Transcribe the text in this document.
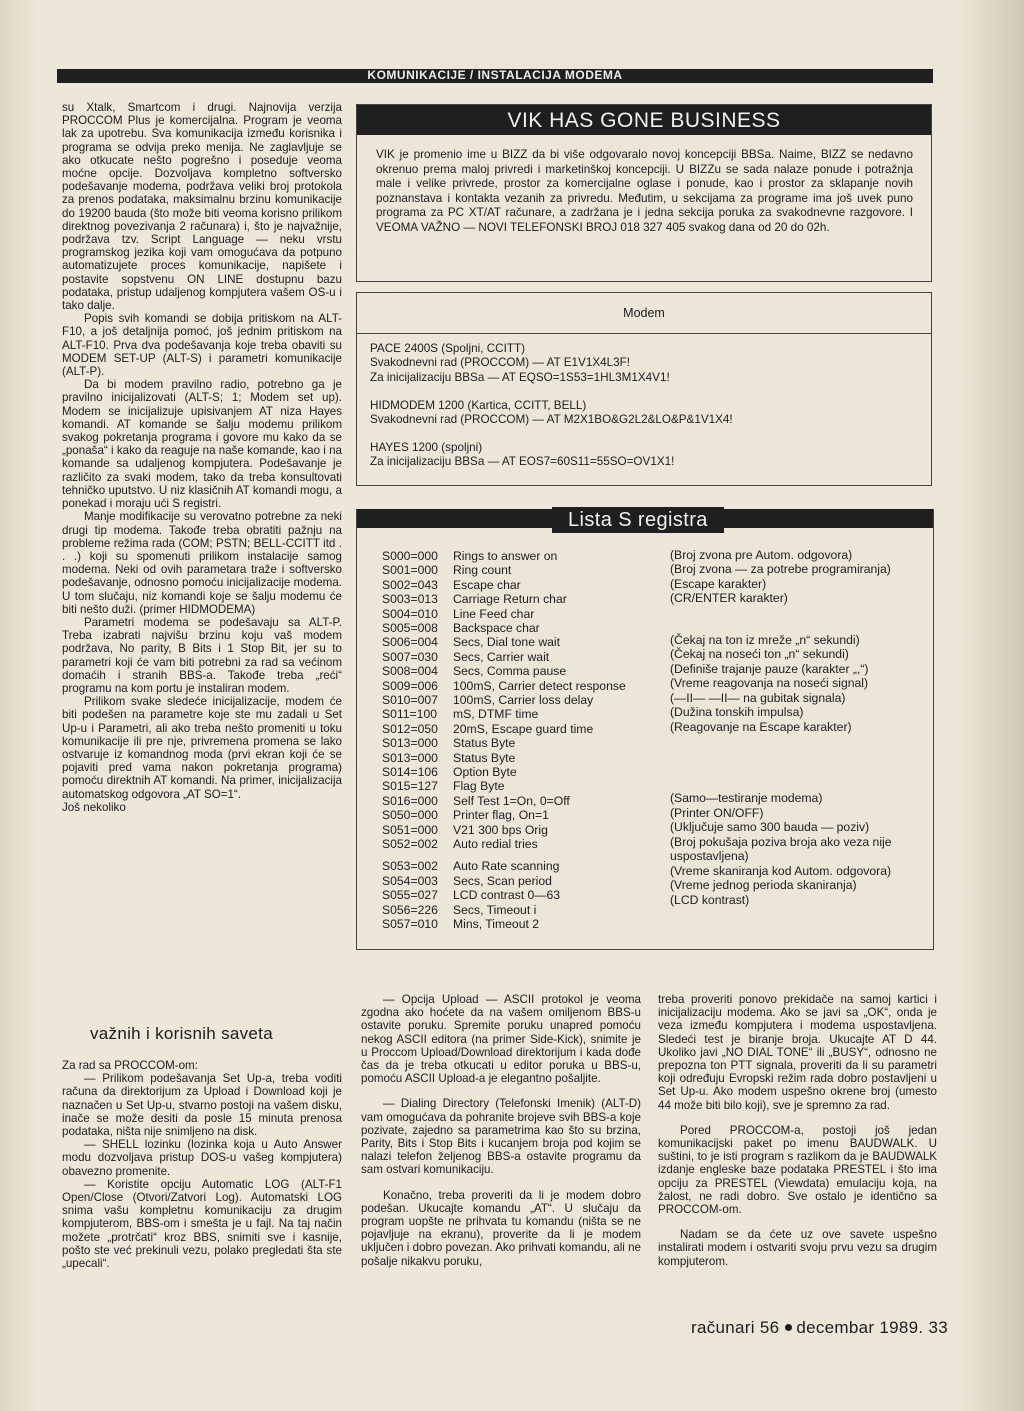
KOMUNIKACIJE / INSTALACIJA MODEMA

su Xtalk, Smartcom i drugi. Najnovija verzija PROCCOM Plus je komercijalna. Program je veoma lak za upotrebu. Sva komunikacija između korisnika i programa se odvija preko menija. Ne zaglavljuje se ako otkucate nešto pogrešno i poseduje veoma moćne opcije. Dozvoljava kompletno softversko podešavanje modema, podržava veliki broj protokola za prenos podataka, maksimalnu brzinu komunikacije do 19200 bauda (što može biti veoma korisno prilikom direktnog povezivanja 2 računara) i, što je najvažnije, podržava tzv. Script Language — neku vrstu programskog jezika koji vam omogućava da potpuno automatizujete proces komunikacije, napišete i postavite sopstvenu ON LINE dostupnu bazu podataka, pristup udaljenog kompjutera vašem OS-u i tako dalje.

Popis svih komandi se dobija pritiskom na ALT-F10, a još detaljnija pomoć, još jednim pritiskom na ALT-F10. Prva dva podešavanja koje treba obaviti su MODEM SET-UP (ALT-S) i parametri komunikacije (ALT-P).

Da bi modem pravilno radio, potrebno ga je pravilno inicijalizovati (ALT-S; 1; Modem set up). Modem se inicijalizuje upisivanjem AT niza Hayes komandi. AT komande se šalju modemu prilikom svakog pokretanja programa i govore mu kako da se „ponaša“ i kako da reaguje na naše komande, kao i na komande sa udaljenog kompjutera. Podešavanje je različito za svaki modem, tako da treba konsultovati tehničko uputstvo. U niz klasičnih AT komandi mogu, a ponekad i moraju ući S registri.

Manje modifikacije su verovatno potrebne za neki drugi tip modema. Takođe treba obratiti pažnju na probleme režima rada (COM; PSTN; BELL-CCITT itd . . .) koji su spomenuti prilikom instalacije samog modema. Neki od ovih parametara traže i softversko podešavanje, odnosno pomoću inicijalizacije modema. U tom slučaju, niz komandi koje se šalju modemu će biti nešto duži. (primer HIDMODEMA)

Parametri modema se podešavaju sa ALT-P. Treba izabrati najvišu brzinu koju vaš modem podržava, No parity, B Bits i 1 Stop Bit, jer su to parametri koji će vam biti potrebni za rad sa većinom domaćih i stranih BBS-a. Takođe treba „reći“ programu na kom portu je instaliran modem.

Prilikom svake sledeće inicijalizacije, modem će biti podešen na parametre koje ste mu zadali u Set Up-u i Parametri, ali ako treba nešto promeniti u toku komunikacije ili pre nje, privremena promena se lako ostvaruje iz komandnog moda (prvi ekran koji će se pojaviti pred vama nakon pokretanja programa) pomoću direktnih AT komandi. Na primer, inicijalizacija automatskog odgovora „AT SO=1“.

Još nekoliko

važnih i korisnih saveta

Za rad sa PROCCOM-om:

— Prilikom podešavanja Set Up-a, treba voditi računa da direktorijum za Upload i Download koji je naznačen u Set Up-u, stvarno postoji na vašem disku, inače se može desiti da posle 15 minuta prenosa podataka, ništa nije snimljeno na disk.

— SHELL lozinku (lozinka koja u Auto Answer modu dozvoljava pristup DOS-u vašeg kompjutera) obavezno promenite.

— Koristite opciju Automatic LOG (ALT-F1 Open/Close (Otvori/Zatvori Log). Automatski LOG snima vašu kompletnu komunikaciju za drugim kompjuterom, BBS-om i smešta je u fajl. Na taj način možete „protrčati“ kroz BBS, snimiti sve i kasnije, pošto ste već prekinuli vezu, polako pregledati šta ste „upecali“.

VIK HAS GONE BUSINESS
VIK je promenio ime u BIZZ da bi više odgovaralo novoj koncepciji BBSa. Naime, BIZZ se nedavno okrenuo prema maloj privredi i marketinškoj koncepciji. U BIZZu se sada nalaze ponude i potražnja male i velike privrede, prostor za komercijalne oglase i ponude, kao i prostor za sklapanje novih poznanstava i kontakta vezanih za privredu. Međutim, u sekcijama za programe ima još uvek puno programa za PC XT/AT računare, a zadržana je i jedna sekcija poruka za svakodnevne razgovore. I VEOMA VAŽNO — NOVI TELEFONSKI BROJ 018 327 405 svakog dana od 20 do 02h.
Modem
PACE 2400S (Spoljni, CCITT)
Svakodnevni rad (PROCCOM) — AT E1V1X4L3F!
Za inicijalizaciju BBSa — AT EQSO=1S53=1HL3M1X4V1!
HIDMODEM 1200 (Kartica, CCITT, BELL)
Svakodnevni rad (PROCCOM) — AT M2X1BO&G2L2&LO&P&1V1X4!
HAYES 1200 (spoljni)
Za inicijalizaciju BBSa — AT EOS7=60S11=55SO=OV1X1!
Lista S registra
S000=000 Rings to answer on
S001=000 Ring count
S002=043 Escape char
S003=013 Carriage Return char
S004=010 Line Feed char
S005=008 Backspace char
S006=004 Secs, Dial tone wait
S007=030 Secs, Carrier wait
S008=004 Secs, Comma pause
S009=006 100mS, Carrier detect response
S010=007 100mS, Carrier loss delay
S011=100 mS, DTMF time
S012=050 20mS, Escape guard time
S013=000 Status Byte
S013=000 Status Byte
S014=106 Option Byte
S015=127 Flag Byte
S016=000 Self Test 1=On, 0=Off
S050=000 Printer flag, On=1
S051=000 V21 300 bps Orig
S052=002 Auto redial tries
S053=002 Auto Rate scanning
S054=003 Secs, Scan period
S055=027 LCD contrast 0—63
S056=226 Secs, Timeout i
S057=010 Mins, Timeout 2
(Broj zvona pre Autom. odgovora)
(Broj zvona — za potrebe programiranja)
(Escape karakter)
(CR/ENTER karakter)
(Čekaj na ton iz mreže „n“ sekundi)
(Čekaj na noseći ton „n“ sekundi)
(Definiše trajanje pauze (karakter „,“)
(Vreme reagovanja na noseći signal)
(—II— —II— na gubitak signala)
(Dužina tonskih impulsa)
(Reagovanje na Escape karakter)
(Samo—testiranje modema)
(Printer ON/OFF)
(Uključuje samo 300 bauda — poziv)
(Broj pokušaja poziva broja ako veza nije
uspostavljena)
(Vreme skaniranja kod Autom. odgovora)
(Vreme jednog perioda skaniranja)
(LCD kontrast)

— Opcija Upload — ASCII protokol je veoma zgodna ako hoćete da na vašem omiljenom BBS-u ostavite poruku. Spremite poruku unapred pomoću nekog ASCII editora (na primer Side-Kick), snimite je u Proccom Upload/Download direktorijum i kada dođe čas da je treba otkucati u editor poruka u BBS-u, pomoću ASCII Upload-a je elegantno pošaljite.

— Dialing Directory (Telefonski Imenik) (ALT-D) vam omogućava da pohranite brojeve svih BBS-a koje pozivate, zajedno sa parametrima kao što su brzina, Parity, Bits i Stop Bits i kucanjem broja pod kojim se nalazi telefon željenog BBS-a ostavite programu da sam ostvari komunikaciju.

Konačno, treba proveriti da li je modem dobro podešan. Ukucajte komandu „AT“. U slučaju da program uopšte ne prihvata tu komandu (ništa se ne pojavljuje na ekranu), proverite da li je modem uključen i dobro povezan. Ako prihvati komandu, ali ne pošalje nikakvu poruku,

treba proveriti ponovo prekidače na samoj kartici i inicijalizaciju modema. Ako se javi sa „OK“, onda je veza između kompjutera i modema uspostavljena. Sledeći test je biranje broja. Ukucajte AT D 44. Ukoliko javi „NO DIAL TONE“ ili „BUSY“, odnosno ne prepozna ton PTT signala, proveriti da li su parametri koji određuju Evropski režim rada dobro postavljeni u Set Up-u. Ako modem uspešno okrene broj (umesto 44 može biti bilo koji), sve je spremno za rad.

Pored PROCCOM-a, postoji još jedan komunikacijski paket po imenu BAUDWALK. U suštini, to je isti program s razlikom da je BAUDWALK izdanje engleske baze podataka PRESTEL i što ima opciju za PRESTEL (Viewdata) emulaciju koja, na žalost, ne radi dobro. Sve ostalo je identično sa PROCCOM-om.

Nadam se da ćete uz ove savete uspešno instalirati modem i ostvariti svoju prvu vezu sa drugim kompjuterom.

računari 56 decembar 1989. 33
